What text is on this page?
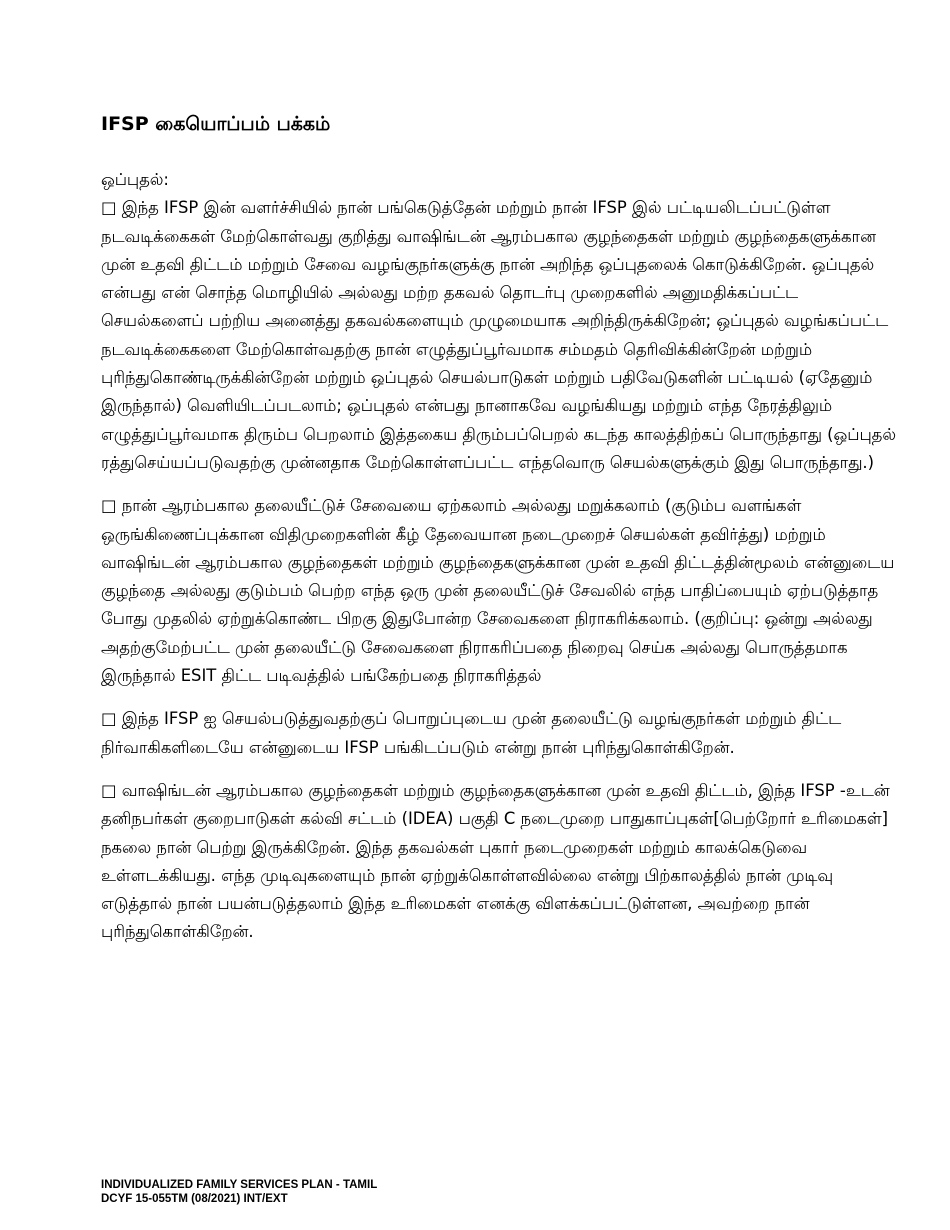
IFSP கையொப்பம் பக்கம்

ஒப்புதல்:

□ இந்த IFSP இன் வளர்ச்சியில் நான் பங்கெடுத்தேன் மற்றும் நான் IFSP இல் பட்டியலிடப்பட்டுள்ள நடவடிக்கைகள் மேற்கொள்வது குறித்து வாஷிங்டன் ஆரம்பகால குழந்தைகள் மற்றும் குழந்தைகளுக்கான முன் உதவி திட்டம் மற்றும் சேவை வழங்குநர்களுக்கு நான் அறிந்த ஒப்புதலைக் கொடுக்கிறேன். ஒப்புதல் என்பது என் சொந்த மொழியில் அல்லது மற்ற தகவல் தொடர்பு முறைகளில் அனுமதிக்கப்பட்ட செயல்களைப் பற்றிய அனைத்து தகவல்களையும் முழுமையாக அறிந்திருக்கிறேன்; ஒப்புதல் வழங்கப்பட்ட நடவடிக்கைகளை மேற்கொள்வதற்கு நான் எழுத்துப்பூர்வமாக சம்மதம் தெரிவிக்கின்றேன் மற்றும் புரிந்துகொண்டிருக்கின்றேன் மற்றும் ஒப்புதல் செயல்பாடுகள் மற்றும் பதிவேடுகளின் பட்டியல் (ஏதேனும் இருந்தால்) வெளியிடப்படலாம்; ஒப்புதல் என்பது நானாகவே வழங்கியது மற்றும் எந்த நேரத்திலும் எழுத்துப்பூர்வமாக திரும்ப பெறலாம் இத்தகைய திரும்பப்பெறல் கடந்த காலத்திற்கப் பொருந்தாது (ஒப்புதல் ரத்துசெய்யப்படுவதற்கு முன்னதாக மேற்கொள்ளப்பட்ட எந்தவொரு செயல்களுக்கும் இது பொருந்தாது.)

□ நான் ஆரம்பகால தலையீட்டுச் சேவையை ஏற்கலாம் அல்லது மறுக்கலாம் (குடும்ப வளங்கள் ஒருங்கிணைப்புக்கான விதிமுறைகளின் கீழ் தேவையான நடைமுறைச் செயல்கள் தவிர்த்து) மற்றும் வாஷிங்டன் ஆரம்பகால குழந்தைகள் மற்றும் குழந்தைகளுக்கான முன் உதவி திட்டத்தின்மூலம் என்னுடைய குழந்தை அல்லது குடும்பம் பெற்ற எந்த ஒரு முன் தலையீட்டுச் சேவலில் எந்த பாதிப்பையும் ஏற்படுத்தாத போது முதலில் ஏற்றுக்கொண்ட பிறகு இதுபோன்ற சேவைகளை நிராகரிக்கலாம். (குறிப்பு: ஒன்று அல்லது அதற்குமேற்பட்ட முன் தலையீட்டு சேவைகளை நிராகரிப்பதை நிறைவு செய்க அல்லது பொருத்தமாக இருந்தால் ESIT திட்ட படிவத்தில் பங்கேற்பதை நிராகரித்தல்

□ இந்த IFSP ஐ செயல்படுத்துவதற்குப் பொறுப்புடைய முன் தலையீட்டு வழங்குநர்கள் மற்றும் திட்ட நிர்வாகிகளிடையே என்னுடைய IFSP பங்கிடப்படும் என்று நான் புரிந்துகொள்கிறேன்.

□ வாஷிங்டன் ஆரம்பகால குழந்தைகள் மற்றும் குழந்தைகளுக்கான முன் உதவி திட்டம், இந்த IFSP -உடன் தனிநபர்கள் குறைபாடுகள் கல்வி சட்டம் (IDEA) பகுதி C நடைமுறை பாதுகாப்புகள்[பெற்றோர் உரிமைகள்] நகலை நான் பெற்று இருக்கிறேன். இந்த தகவல்கள் புகார் நடைமுறைகள் மற்றும் காலக்கெடுவை உள்ளடக்கியது. எந்த முடிவுகளையும் நான் ஏற்றுக்கொள்ளவில்லை என்று பிற்காலத்தில் நான் முடிவு எடுத்தால் நான் பயன்படுத்தலாம் இந்த உரிமைகள் எனக்கு விளக்கப்பட்டுள்ளன, அவற்றை நான் புரிந்துகொள்கிறேன்.

INDIVIDUALIZED FAMILY SERVICES PLAN - TAMIL
DCYF 15-055TM (08/2021) INT/EXT
